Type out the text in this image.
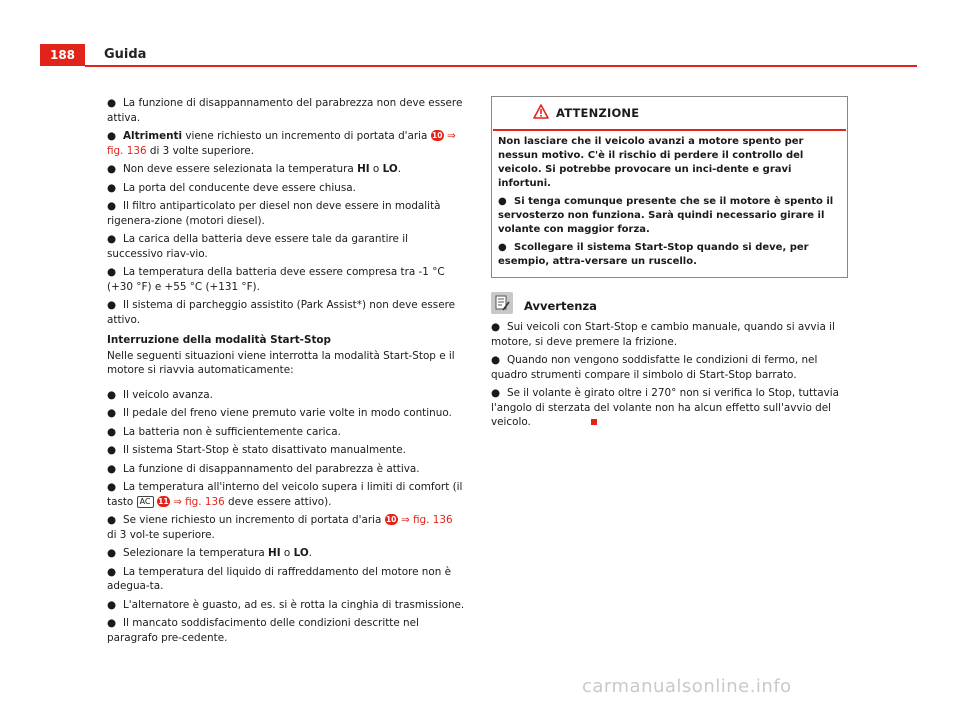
188	Guida
● La funzione di disappannamento del parabrezza non deve essere attiva.
● Altrimenti viene richiesto un incremento di portata d'aria 10 ⇒ fig. 136 di 3 volte superiore.
● Non deve essere selezionata la temperatura HI o LO.
● La porta del conducente deve essere chiusa.
● Il filtro antiparticolato per diesel non deve essere in modalità rigenera-zione (motori diesel).
● La carica della batteria deve essere tale da garantire il successivo riav-vio.
● La temperatura della batteria deve essere compresa tra -1 °C (+30 °F) e +55 °C (+131 °F).
● Il sistema di parcheggio assistito (Park Assist*) non deve essere attivo.
Interruzione della modalità Start-Stop
Nelle seguenti situazioni viene interrotta la modalità Start-Stop e il motore si riavvia automaticamente:
● Il veicolo avanza.
● Il pedale del freno viene premuto varie volte in modo continuo.
● La batteria non è sufficientemente carica.
● Il sistema Start-Stop è stato disattivato manualmente.
● La funzione di disappannamento del parabrezza è attiva.
● La temperatura all'interno del veicolo supera i limiti di comfort (il tasto AC 11 ⇒ fig. 136 deve essere attivo).
● Se viene richiesto un incremento di portata d'aria 10 ⇒ fig. 136 di 3 vol-te superiore.
● Selezionare la temperatura HI o LO.
● La temperatura del liquido di raffreddamento del motore non è adegua-ta.
● L'alternatore è guasto, ad es. si è rotta la cinghia di trasmissione.
● Il mancato soddisfacimento delle condizioni descritte nel paragrafo pre-cedente.
ATTENZIONE

Non lasciare che il veicolo avanzi a motore spento per nessun motivo. C'è il rischio di perdere il controllo del veicolo. Si potrebbe provocare un inci-dente e gravi infortuni.

● Si tenga comunque presente che se il motore è spento il servosterzo non funziona. Sarà quindi necessario girare il volante con maggior forza.

● Scollegare il sistema Start-Stop quando si deve, per esempio, attra-versare un ruscello.

Avvertenza
● Sui veicoli con Start-Stop e cambio manuale, quando si avvia il motore, si deve premere la frizione.
● Quando non vengono soddisfatte le condizioni di fermo, nel quadro strumenti compare il simbolo di Start-Stop barrato.
● Se il volante è girato oltre i 270° non si verifica lo Stop, tuttavia l'angolo di sterzata del volante non ha alcun effetto sull'avvio del veicolo.
carmanualsonline.info
